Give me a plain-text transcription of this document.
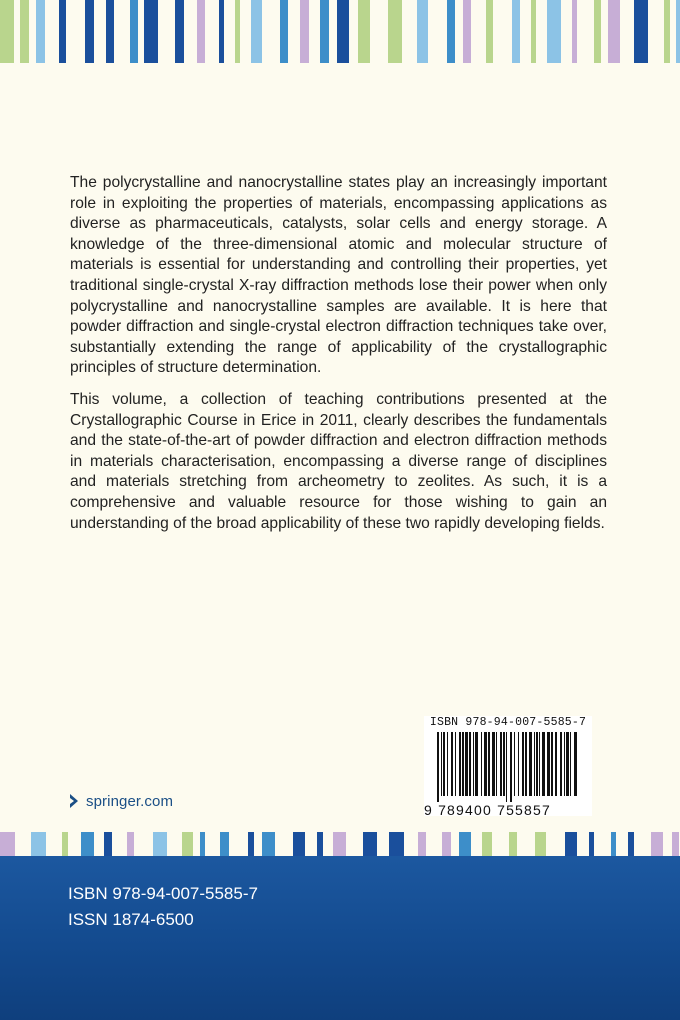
The polycrystalline and nanocrystalline states play an increasingly important role in exploiting the properties of materials, encompassing applications as diverse as pharmaceuticals, catalysts, solar cells and energy storage. A knowledge of the three-dimensional atomic and molecular structure of materials is essential for understanding and controlling their properties, yet traditional single-crystal X-ray diffraction methods lose their power when only polycrystalline and nanocrystalline samples are available. It is here that powder diffraction and single-crystal electron diffraction techniques take over, substantially extending the range of applicability of the crystallographic principles of structure determination.

This volume, a collection of teaching contributions presented at the Crystallographic Course in Erice in 2011, clearly describes the fundamentals and the state-of-the-art of powder diffraction and electron diffraction methods in materials characterisation, encompassing a diverse range of disciplines and materials stretching from archeometry to zeolites. As such, it is a comprehensive and valuable resource for those wishing to gain an understanding of the broad applicability of these two rapidly developing fields.

ISBN 978-94-007-5585-7
9 789400 755857
springer.com
ISBN 978-94-007-5585-7
ISSN 1874-6500
